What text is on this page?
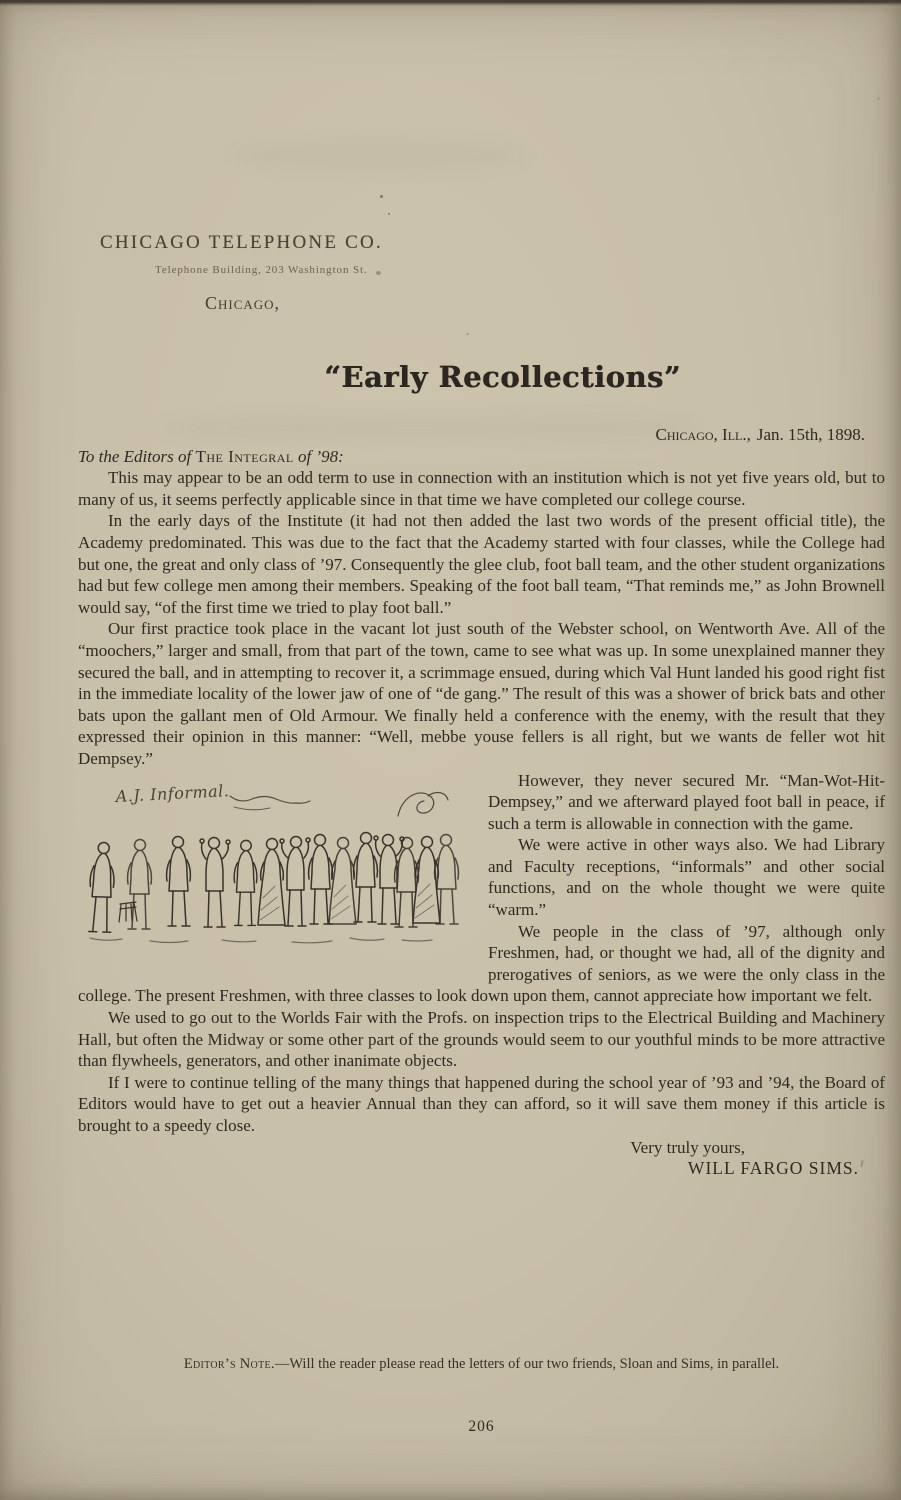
CHICAGO TELEPHONE CO.
Telephone Building, 203 Washington St.
Chicago,
“Early Recollections”
Chicago, Ill., Jan. 15th, 1898.
To the Editors of The Integral of ’98:

This may appear to be an odd term to use in connection with an institution which is not yet five years old, but to many of us, it seems perfectly applicable since in that time we have completed our college course.

In the early days of the Institute (it had not then added the last two words of the present official title), the Academy predominated. This was due to the fact that the Academy started with four classes, while the College had but one, the great and only class of ’97. Consequently the glee club, foot ball team, and the other student organizations had but few college men among their members. Speaking of the foot ball team, “That reminds me,” as John Brownell would say, “of the first time we tried to play foot ball.”

Our first practice took place in the vacant lot just south of the Webster school, on Wentworth Ave. All of the “moochers,” larger and small, from that part of the town, came to see what was up. In some unexplained manner they secured the ball, and in attempting to recover it, a scrimmage ensued, during which Val Hunt landed his good right fist in the immediate locality of the lower jaw of one of “de gang.” The result of this was a shower of brick bats and other bats upon the gallant men of Old Armour. We finally held a conference with the enemy, with the result that they expressed their opinion in this manner: “Well, mebbe youse fellers is all right, but we wants de feller wot hit Dempsey.”

A.J. Informal.

However, they never secured Mr. “Man-Wot-Hit-Dempsey,” and we afterward played foot ball in peace, if such a term is allowable in connection with the game.

We were active in other ways also. We had Library and Faculty receptions, “informals” and other social functions, and on the whole thought we were quite “warm.”

We people in the class of ’97, although only Freshmen, had, or thought we had, all of the dignity and prerogatives of seniors, as we were the only class in the college. The present Freshmen, with three classes to look down upon them, cannot appreciate how important we felt.

We used to go out to the Worlds Fair with the Profs. on inspection trips to the Electrical Building and Machinery Hall, but often the Midway or some other part of the grounds would seem to our youthful minds to be more attractive than flywheels, generators, and other inanimate objects.

If I were to continue telling of the many things that happened during the school year of ’93 and ’94, the Board of Editors would have to get out a heavier Annual than they can afford, so it will save them money if this article is brought to a speedy close.

Very truly yours,
WILL FARGO SIMS.
Editor’s Note.—Will the reader please read the letters of our two friends, Sloan and Sims, in parallel.
206
